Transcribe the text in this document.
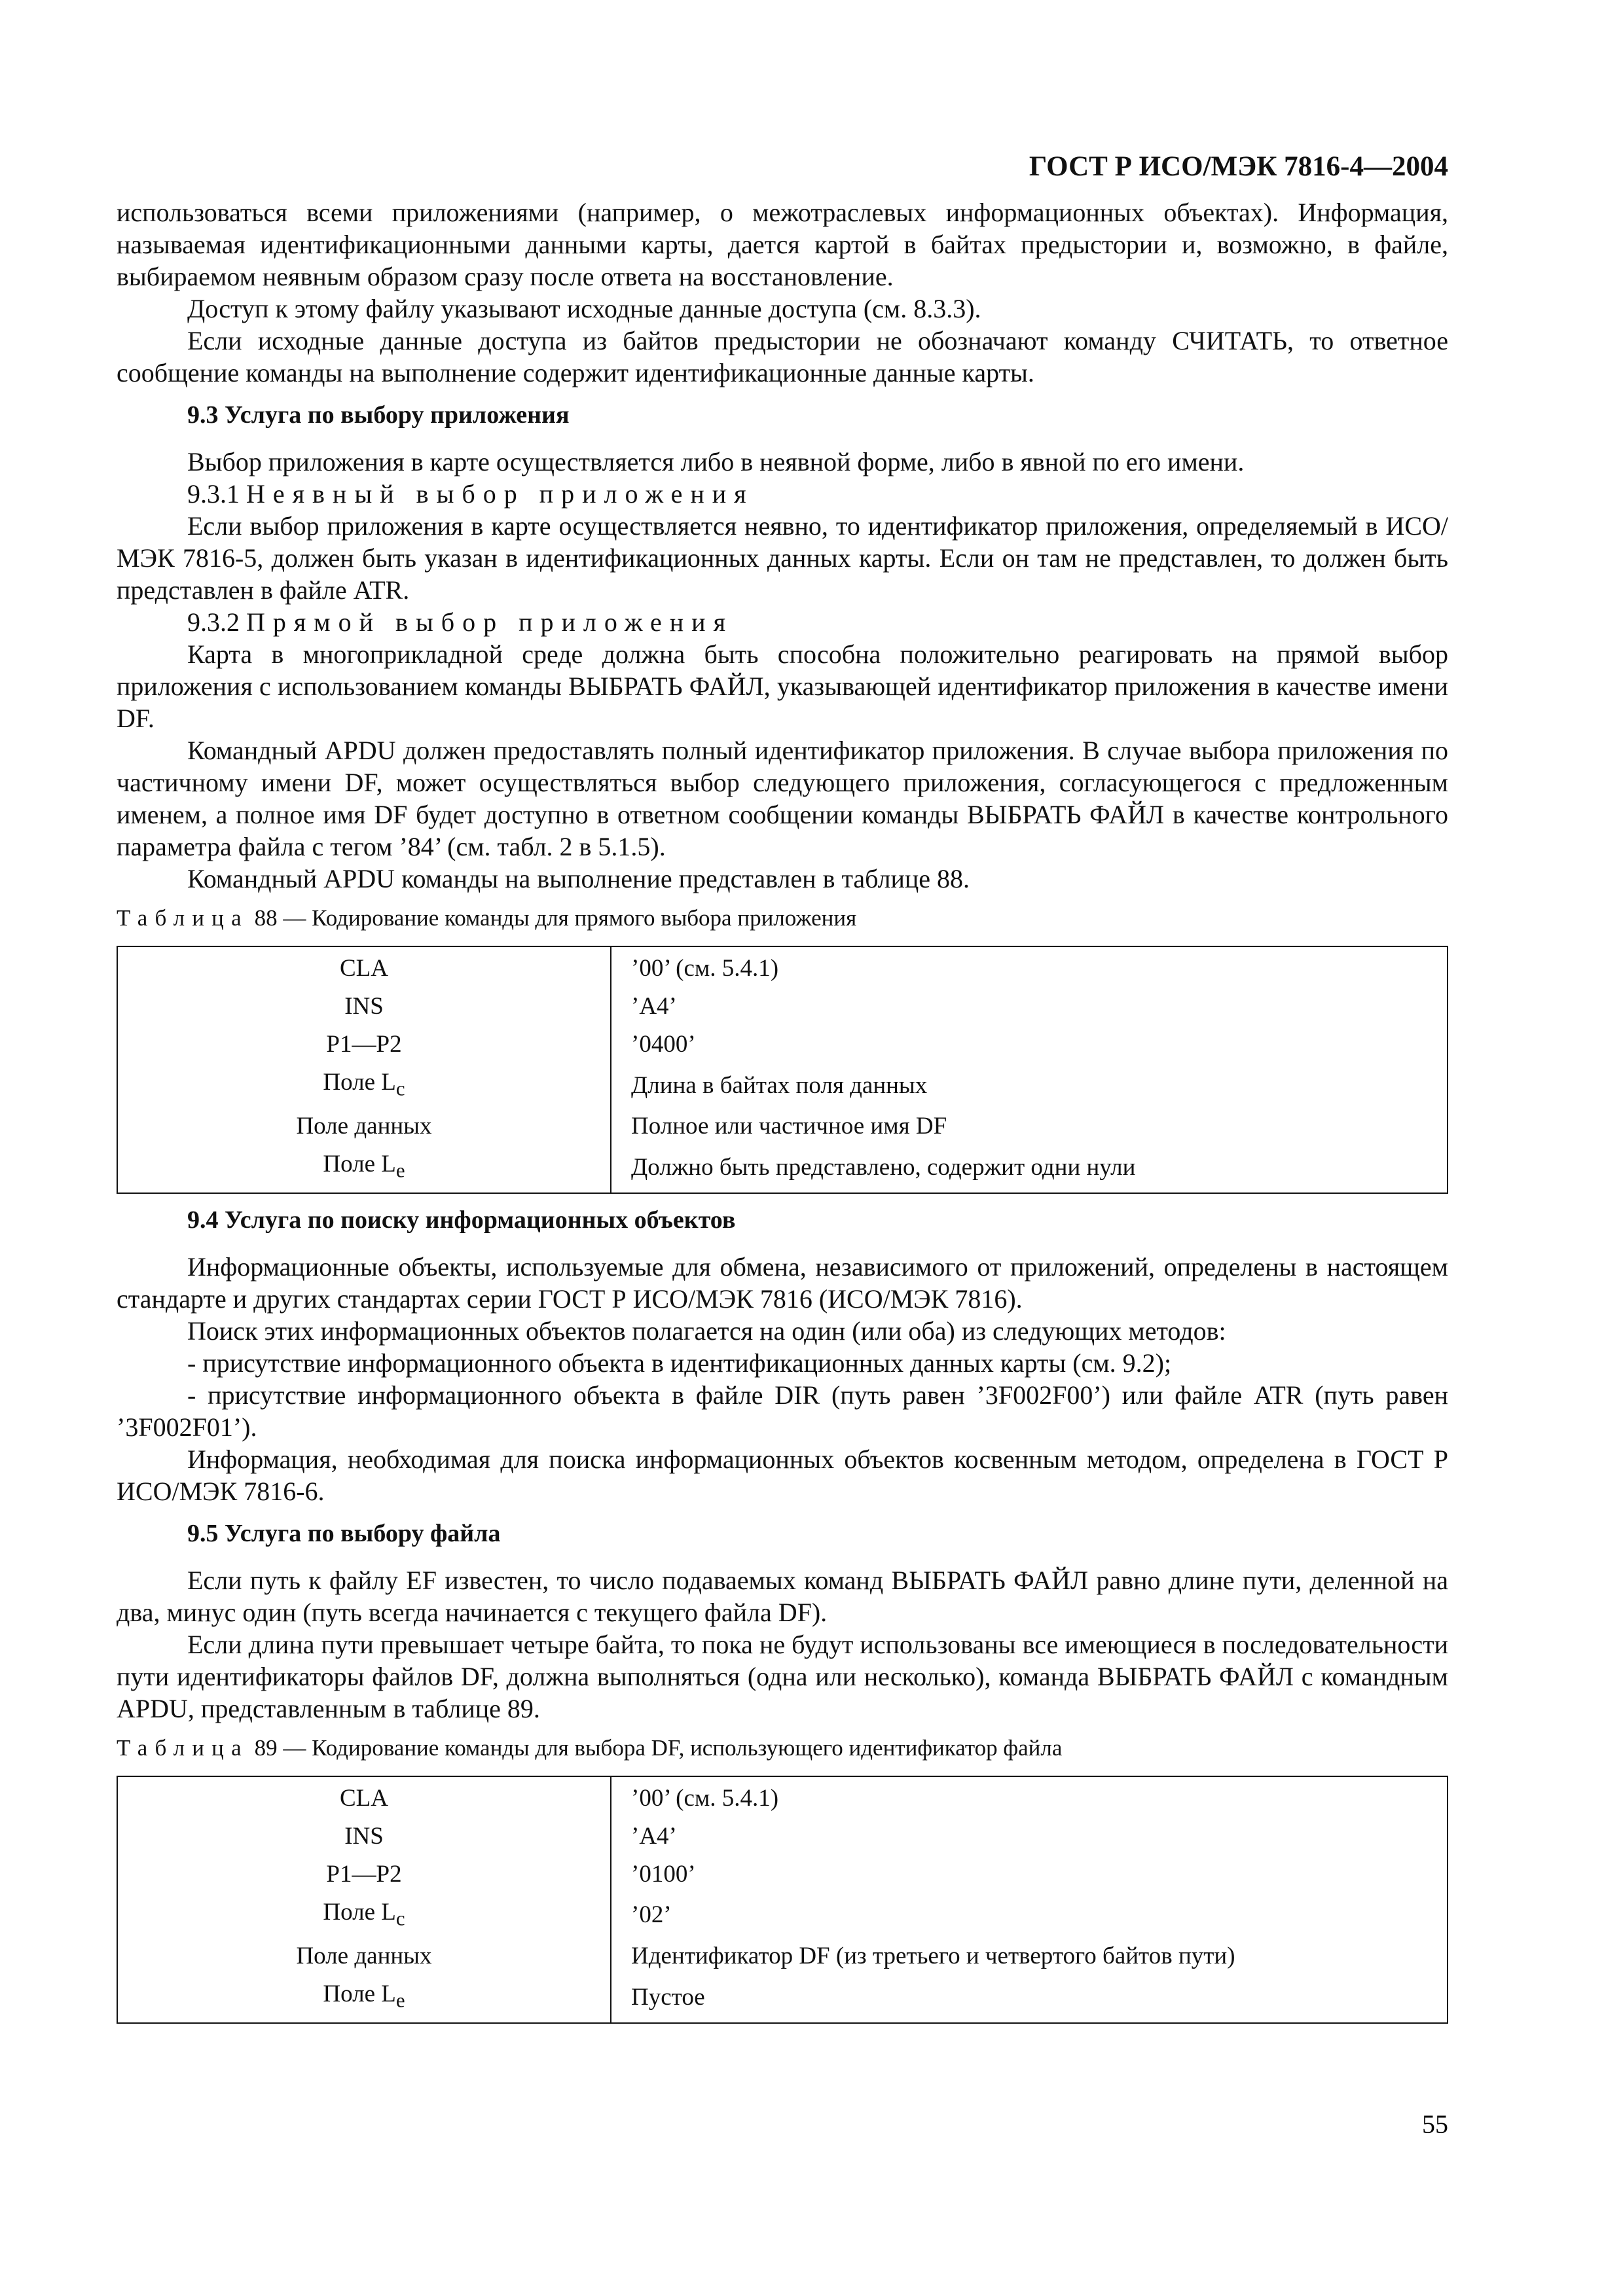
ГОСТ Р ИСО/МЭК 7816-4—2004

использоваться всеми приложениями (например, о межотраслевых информационных объектах). Информация, называемая идентификационными данными карты, дается картой в байтах предыстории и, возможно, в файле, выбираемом неявным образом сразу после ответа на восстановление.

Доступ к этому файлу указывают исходные данные доступа (см. 8.3.3).

Если исходные данные доступа из байтов предыстории не обозначают команду СЧИТАТЬ, то ответное сообщение команды на выполнение содержит идентификационные данные карты.

9.3 Услуга по выбору приложения

Выбор приложения в карте осуществляется либо в неявной форме, либо в явной по его имени.

9.3.1 Неявный выбор приложения

Если выбор приложения в карте осуществляется неявно, то идентификатор приложения, определяемый в ИСО/МЭК 7816-5, должен быть указан в идентификационных данных карты. Если он там не представлен, то должен быть представлен в файле ATR.

9.3.2 Прямой выбор приложения

Карта в многоприкладной среде должна быть способна положительно реагировать на прямой выбор приложения с использованием команды ВЫБРАТЬ ФАЙЛ, указывающей идентификатор приложения в качестве имени DF.

Командный APDU должен предоставлять полный идентификатор приложения. В случае выбора приложения по частичному имени DF, может осуществляться выбор следующего приложения, согласующегося с предложенным именем, а полное имя DF будет доступно в ответном сообщении команды ВЫБРАТЬ ФАЙЛ в качестве контрольного параметра файла с тегом ’84’ (см. табл. 2 в 5.1.5).

Командный APDU команды на выполнение представлен в таблице 88.

Таблица 88 — Кодирование команды для прямого выбора приложения
CLA	’00’ (см. 5.4.1)
INS	’A4’
P1—P2	’0400’
Поле $L_c$	Длина в байтах поля данных
Поле данных	Полное или частичное имя DF
Поле $L_e$	Должно быть представлено, содержит одни нули
9.4 Услуга по поиску информационных объектов

Информационные объекты, используемые для обмена, независимого от приложений, определены в настоящем стандарте и других стандартах серии ГОСТ Р ИСО/МЭК 7816 (ИСО/МЭК 7816).

Поиск этих информационных объектов полагается на один (или оба) из следующих методов:

- присутствие информационного объекта в идентификационных данных карты (см. 9.2);

- присутствие информационного объекта в файле DIR (путь равен ’3F002F00’) или файле ATR (путь равен ’3F002F01’).

Информация, необходимая для поиска информационных объектов косвенным методом, определена в ГОСТ Р ИСО/МЭК 7816-6.

9.5 Услуга по выбору файла

Если путь к файлу EF известен, то число подаваемых команд ВЫБРАТЬ ФАЙЛ равно длине пути, деленной на два, минус один (путь всегда начинается с текущего файла DF).

Если длина пути превышает четыре байта, то пока не будут использованы все имеющиеся в последовательности пути идентификаторы файлов DF, должна выполняться (одна или несколько), команда ВЫБРАТЬ ФАЙЛ с командным APDU, представленным в таблице 89.

Таблица 89 — Кодирование команды для выбора DF, использующего идентификатор файла
CLA	’00’ (см. 5.4.1)
INS	’A4’
P1—P2	’0100’
Поле $L_c$	’02’
Поле данных	Идентификатор DF (из третьего и четвертого байтов пути)
Поле $L_e$	Пустое
55
